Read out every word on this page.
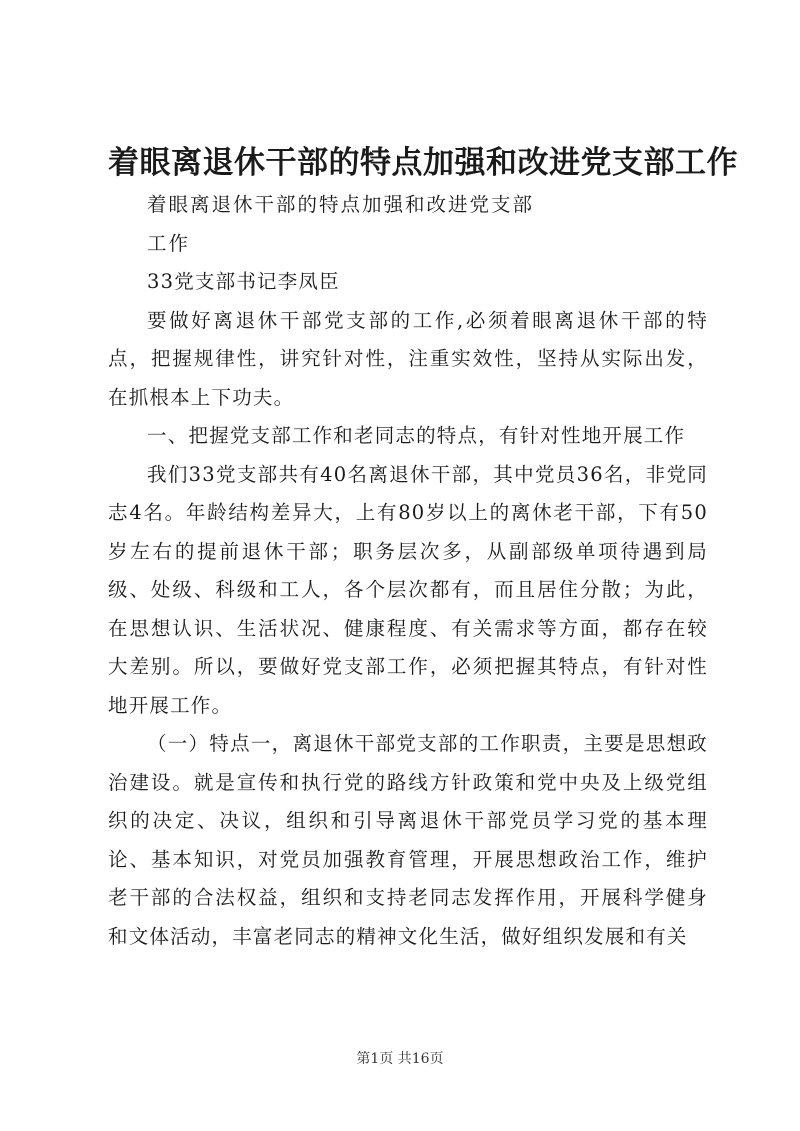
着眼离退休干部的特点加强和改进党支部工作

着眼离退休干部的特点加强和改进党支部

工作

33党支部书记李凤臣

要做好离退休干部党支部的工作,必须着眼离退休干部的特点，把握规律性，讲究针对性，注重实效性，坚持从实际出发，在抓根本上下功夫。

一、把握党支部工作和老同志的特点，有针对性地开展工作

我们33党支部共有40名离退休干部，其中党员36名，非党同志4名。年龄结构差异大，上有80岁以上的离休老干部，下有50岁左右的提前退休干部；职务层次多，从副部级单项待遇到局级、处级、科级和工人，各个层次都有，而且居住分散；为此，在思想认识、生活状况、健康程度、有关需求等方面，都存在较大差别。所以，要做好党支部工作，必须把握其特点，有针对性地开展工作。

（一）特点一，离退休干部党支部的工作职责，主要是思想政治建设。就是宣传和执行党的路线方针政策和党中央及上级党组织的决定、决议，组织和引导离退休干部党员学习党的基本理论、基本知识，对党员加强教育管理，开展思想政治工作，维护老干部的合法权益，组织和支持老同志发挥作用，开展科学健身和文体活动，丰富老同志的精神文化生活，做好组织发展和有关

第1页 共16页
